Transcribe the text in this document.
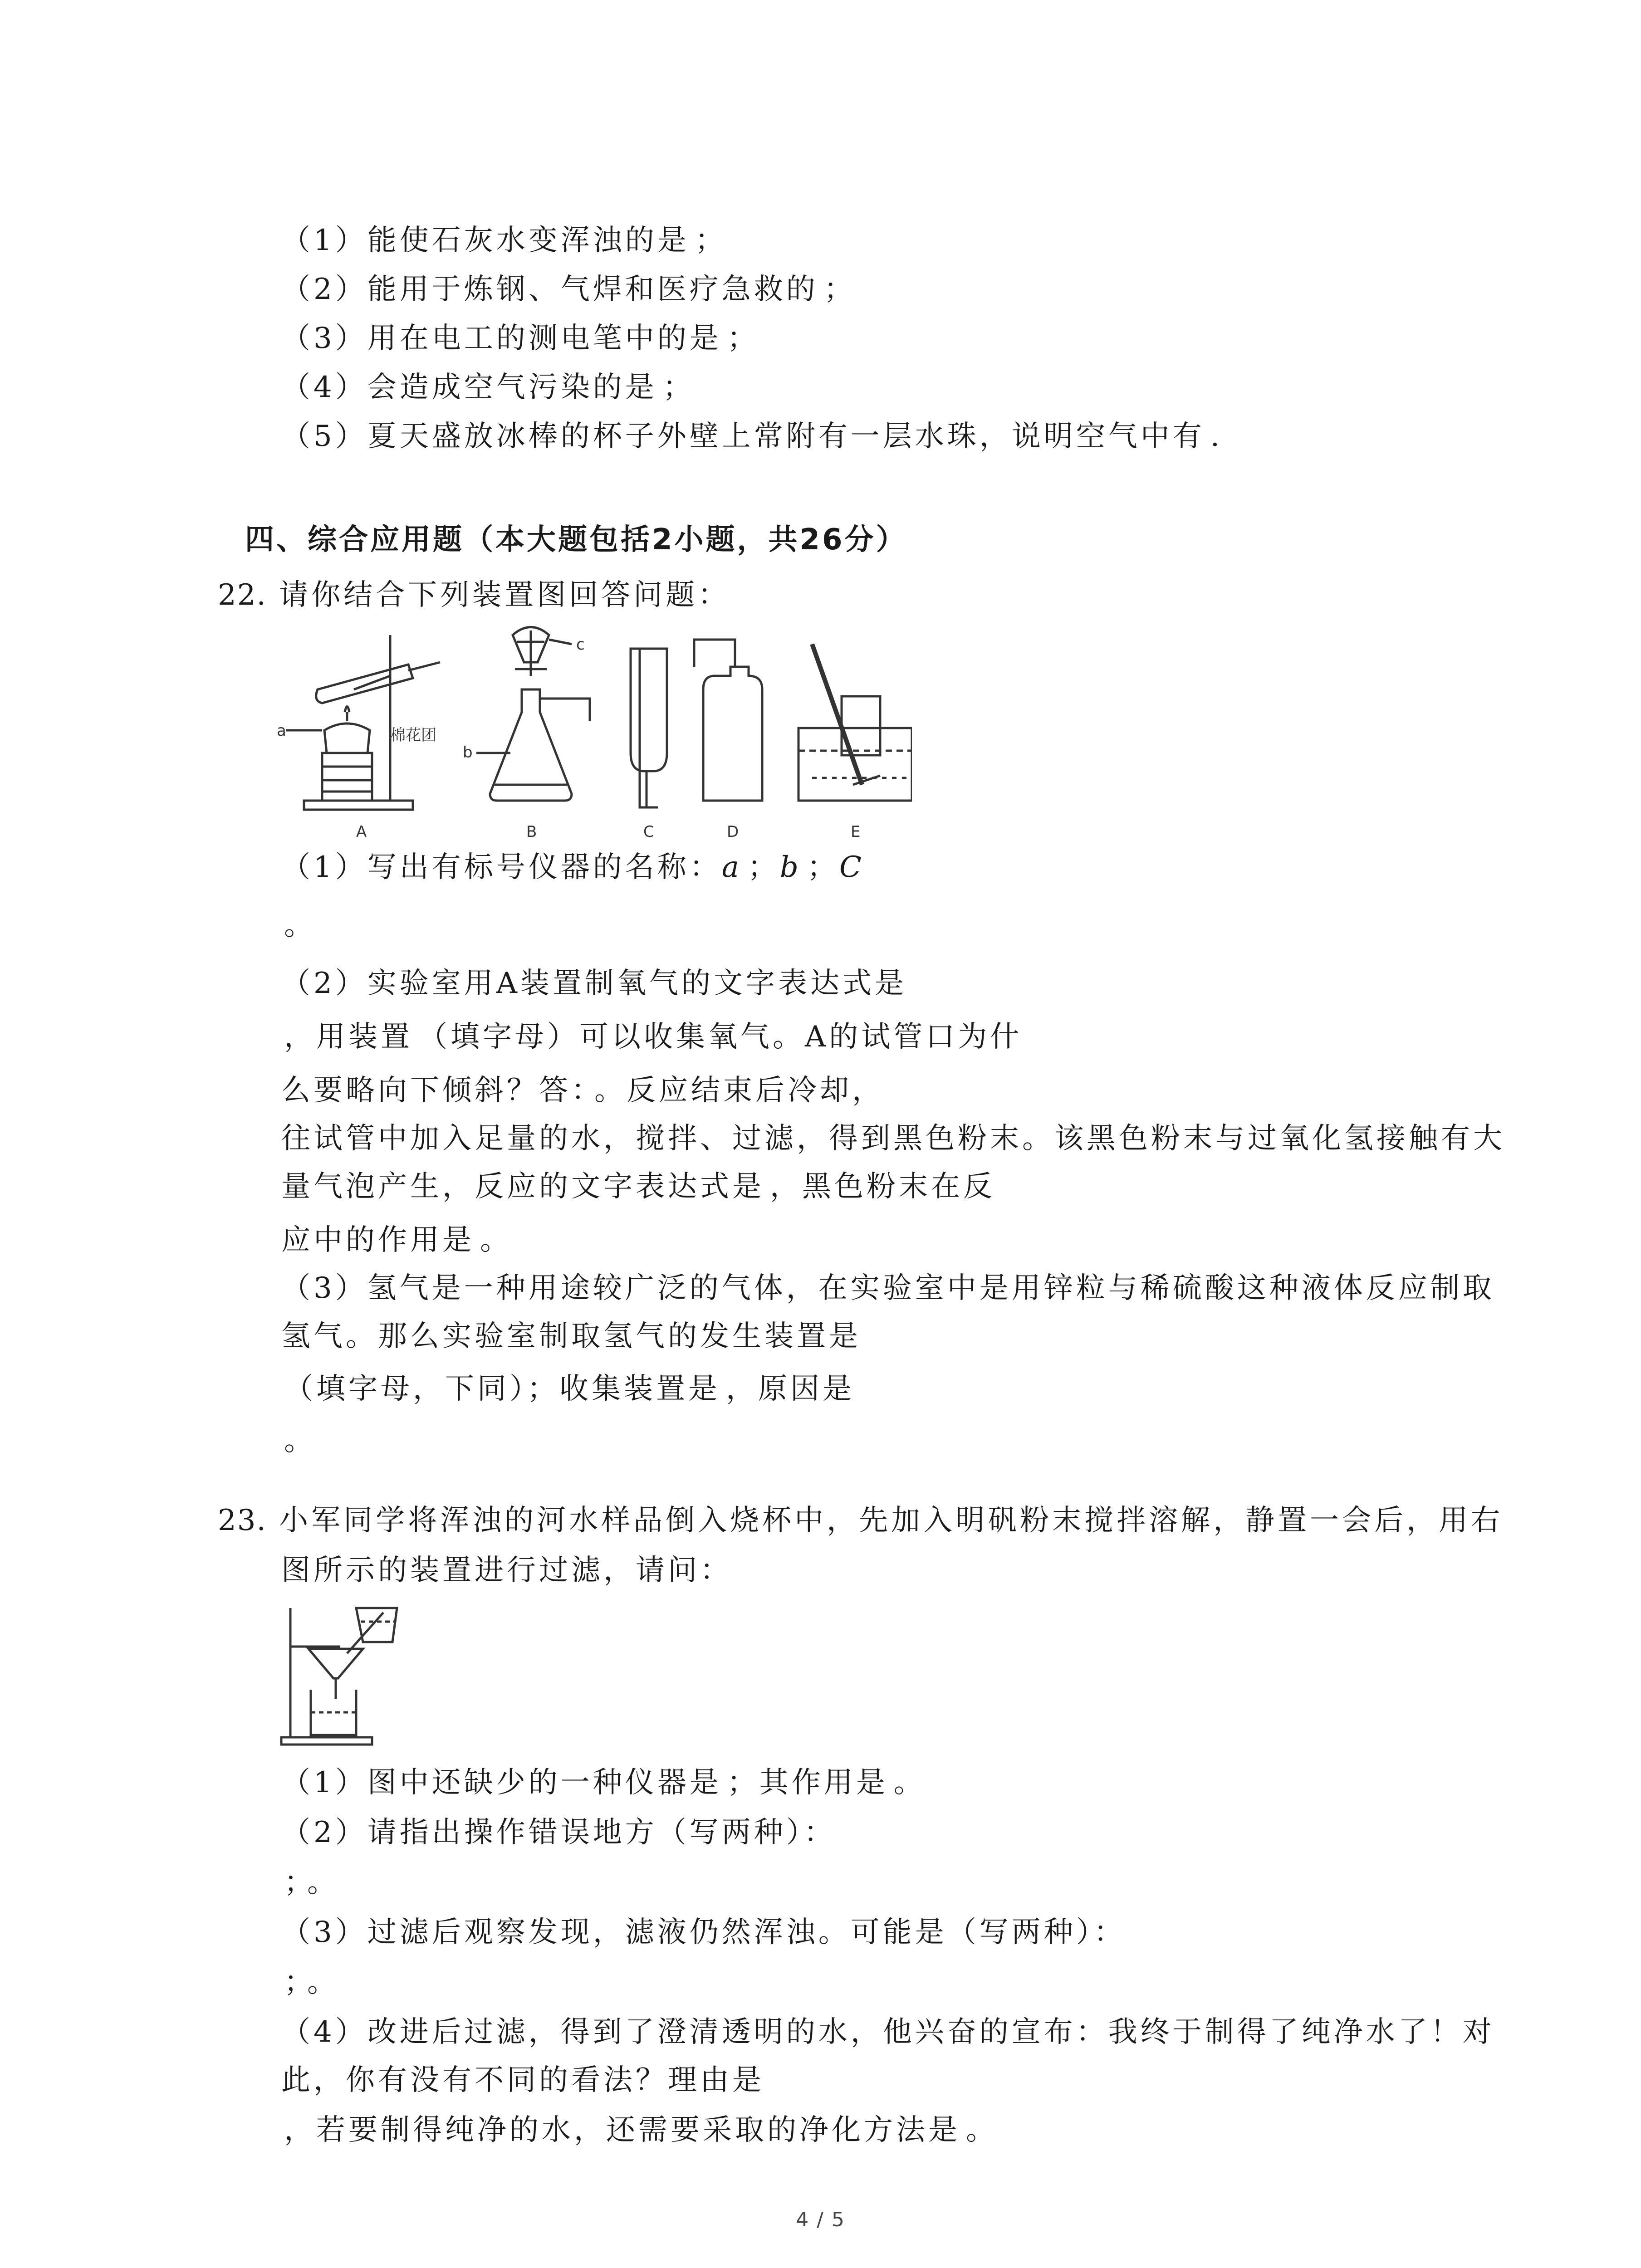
（1）能使石灰水变浑浊的是 ；
（2）能用于炼钢、气焊和医疗急救的 ；
（3）用在电工的测电笔中的是 ；
（4）会造成空气污染的是 ；
（5）夏天盛放冰棒的杯子外壁上常附有一层水珠，说明空气中有 .
四、综合应用题（本大题包括2小题，共26分）
22. 请你结合下列装置图回答问题：
a
b
c
棉花团
A	B	C	D	E
（1）写出有标号仪器的名称：a ；b ；C
。
（2）实验室用A装置制氧气的文字表达式是
，用装置 （填字母）可以收集氧气。A的试管口为什
么要略向下倾斜？答： 。反应结束后冷却，
往试管中加入足量的水，搅拌、过滤，得到黑色粉末。该黑色粉末与过氧化氢接触有大
量气泡产生，反应的文字表达式是 ，黑色粉末在反
应中的作用是 。
（3）氢气是一种用途较广泛的气体，在实验室中是用锌粒与稀硫酸这种液体反应制取
氢气。那么实验室制取氢气的发生装置是
（填字母，下同）；收集装置是 ，原因是
。
23. 小军同学将浑浊的河水样品倒入烧杯中，先加入明矾粉末搅拌溶解，静置一会后，用右
图所示的装置进行过滤，请问：
（1）图中还缺少的一种仪器是 ；其作用是 。
（2）请指出操作错误地方（写两种）：
； 。
（3）过滤后观察发现，滤液仍然浑浊。可能是（写两种）：
； 。
（4）改进后过滤，得到了澄清透明的水，他兴奋的宣布：我终于制得了纯净水了！对
此，你有没有不同的看法？理由是
，若要制得纯净的水，还需要采取的净化方法是 。
4 / 5
